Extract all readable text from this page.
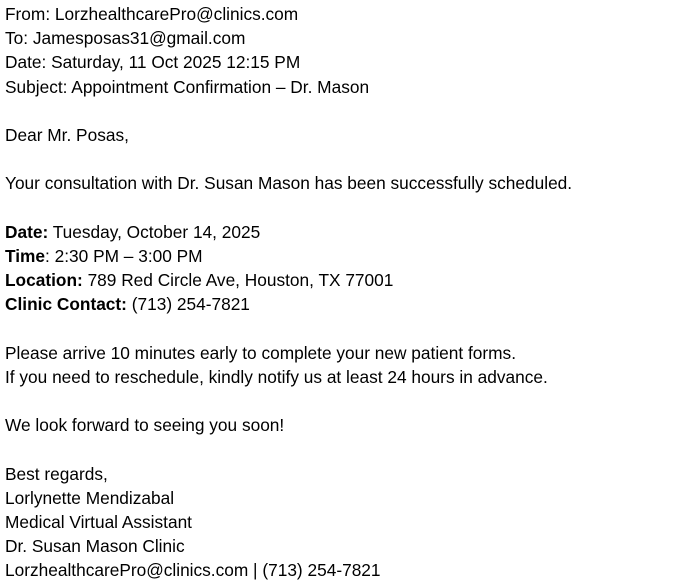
From: LorzhealthcarePro@clinics.com
To: Jamesposas31@gmail.com
Date: Saturday, 11 Oct 2025 12:15 PM
Subject: Appointment Confirmation – Dr. Mason
Dear Mr. Posas,
Your consultation with Dr. Susan Mason has been successfully scheduled.
Date: Tuesday, October 14, 2025
Time: 2:30 PM – 3:00 PM
Location: 789 Red Circle Ave, Houston, TX 77001
Clinic Contact: (713) 254-7821
Please arrive 10 minutes early to complete your new patient forms.
If you need to reschedule, kindly notify us at least 24 hours in advance.
We look forward to seeing you soon!
Best regards,
Lorlynette Mendizabal
Medical Virtual Assistant
Dr. Susan Mason Clinic
LorzhealthcarePro@clinics.com | (713) 254-7821
